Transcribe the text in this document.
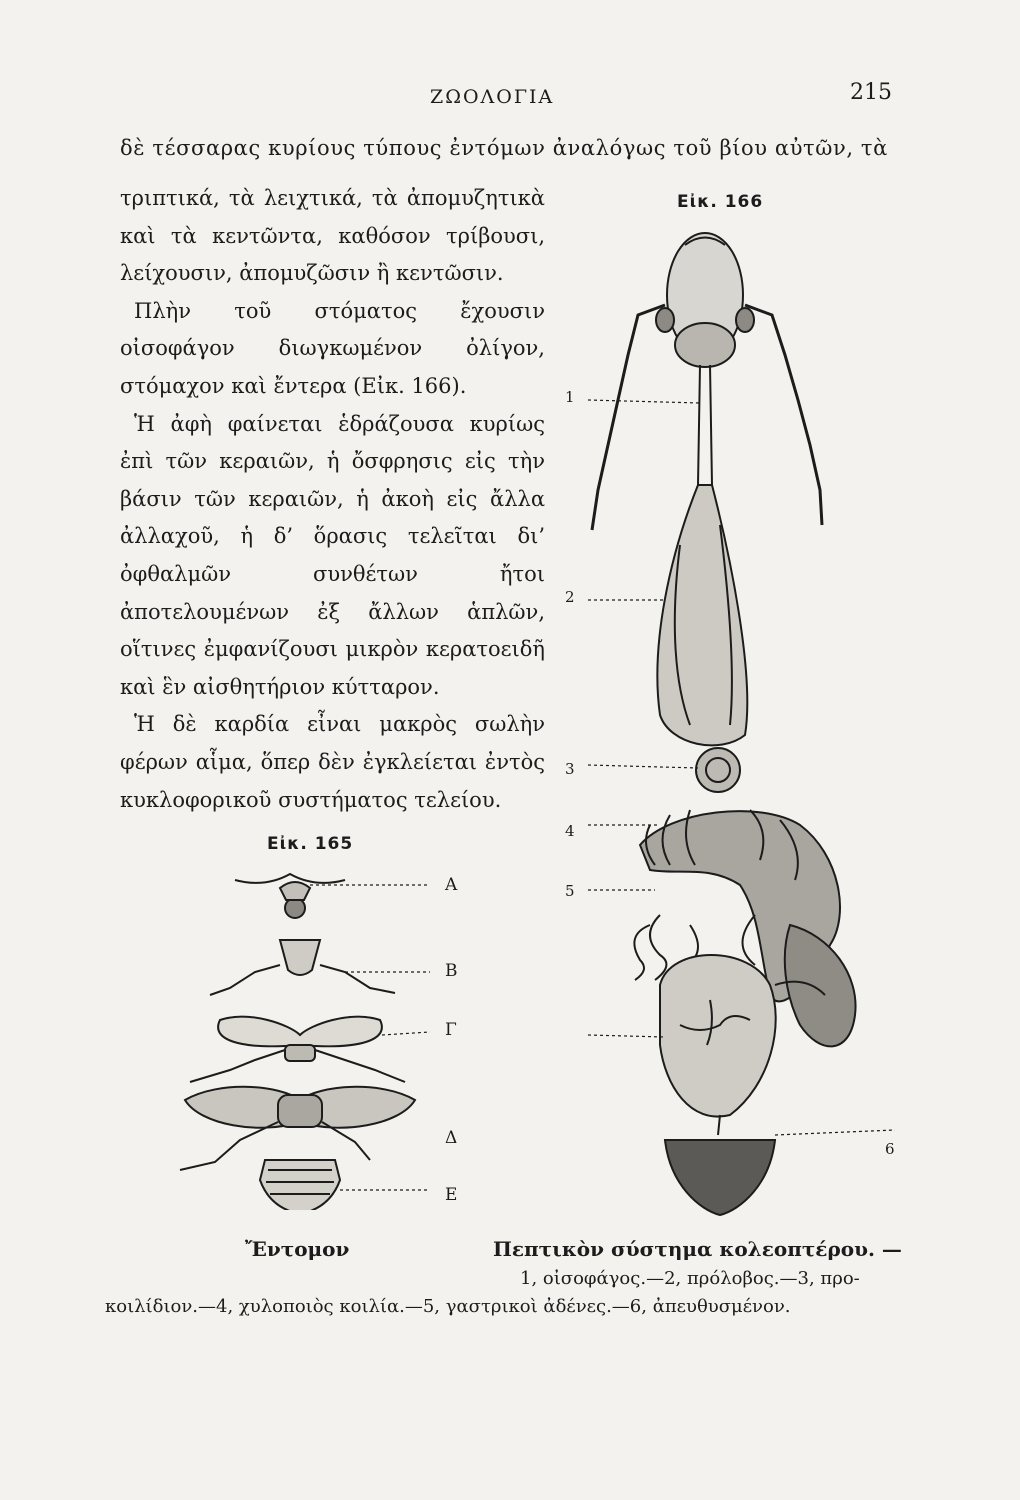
ΖΩΟΛΟΓΙΑ	215
δὲ τέσσαρας κυρίους τύπους ἐντόμων ἀναλόγως τοῦ βίου αὐτῶν, τὰ

τριπτικά, τὰ λειχτικά, τὰ ἀπομυζητικὰ καὶ τὰ κεντῶντα, καθόσον τρίβουσι, λείχουσιν, ἀπομυζῶσιν ἢ κεντῶσιν.

Πλὴν τοῦ στόματος ἔχουσιν οἰσοφάγον διωγκωμένον ὀλίγον, στόμαχον καὶ ἔντερα (Εἰκ. 166).

Ἡ ἀφὴ φαίνεται ἑδράζουσα κυρίως ἐπὶ τῶν κεραιῶν, ἡ ὄσφρησις εἰς τὴν βάσιν τῶν κεραιῶν, ἡ ἀκοὴ εἰς ἄλλα ἀλλαχοῦ, ἡ δ’ ὅρασις τελεῖται δι’ ὀφθαλμῶν συνθέτων ἤτοι ἀποτελουμένων ἐξ ἄλλων ἁπλῶν, οἵτινες ἐμφανίζουσι μικρὸν κερατοειδῆ καὶ ἓν αἰσθητήριον κύτταρον.

Ἡ δὲ καρδία εἶναι μακρὸς σωλὴν φέρων αἷμα, ὅπερ δὲν ἐγκλείεται ἐντὸς κυκλοφορικοῦ συστήματος τελείου.

Εἰκ. 166
1
2
3
4
5
6
Εἰκ. 165
Α
Β
Γ
Δ
Ε
Ἔντομον	Πεπτικὸν σύστημα κολεοπτέρου. —
1, οἰσοφάγος.—2, πρόλοβος.—3, προ-
κοιλίδιον.—4, χυλοποιὸς κοιλία.—5, γαστρικοὶ ἀδένες.—6, ἀπευθυσμένον.
